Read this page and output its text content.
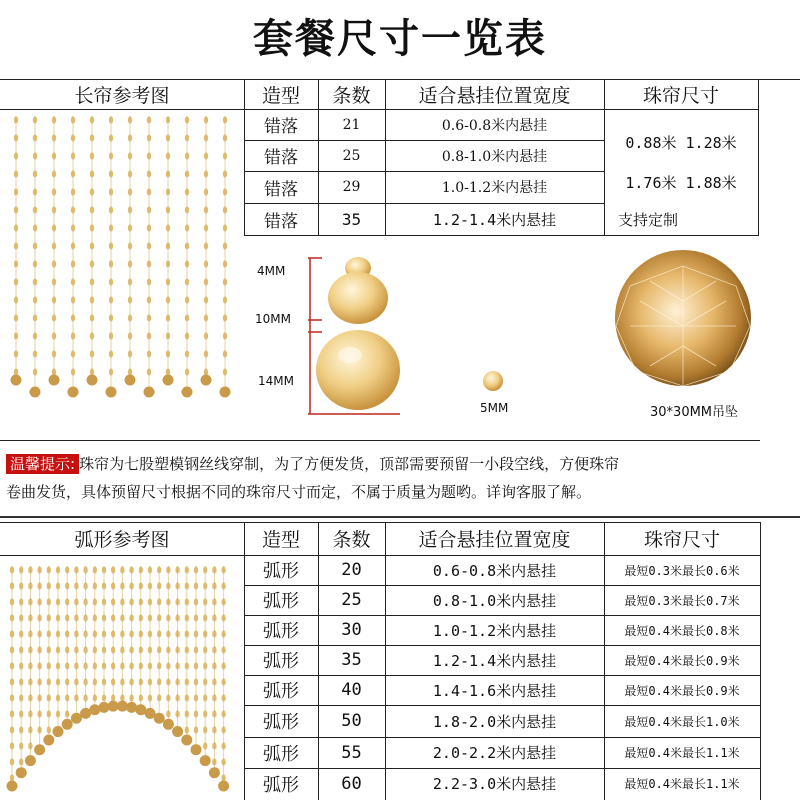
套餐尺寸一览表
长帘参考图	造型	条数	适合悬挂位置宽度	珠帘尺寸
错落	21	0.6-0.8米内悬挂
错落	25	0.8-1.0米内悬挂
错落	29	1.0-1.2米内悬挂
错落	35	1.2-1.4米内悬挂
0.88米 1.28米
1.76米 1.88米
支持定制
4MM
10MM
14MM
5MM	30*30MM吊坠
温馨提示: 珠帘为七股塑模钢丝线穿制，为了方便发货，顶部需要预留一小段空线，方便珠帘
卷曲发货，具体预留尺寸根据不同的珠帘尺寸而定，不属于质量为题哟。详询客服了解。
弧形参考图	造型	条数	适合悬挂位置宽度	珠帘尺寸
弧形	20	0.6-0.8米内悬挂	最短0.3米最长0.6米
弧形	25	0.8-1.0米内悬挂	最短0.3米最长0.7米
弧形	30	1.0-1.2米内悬挂	最短0.4米最长0.8米
弧形	35	1.2-1.4米内悬挂	最短0.4米最长0.9米
弧形	40	1.4-1.6米内悬挂	最短0.4米最长0.9米
弧形	50	1.8-2.0米内悬挂	最短0.4米最长1.0米
弧形	55	2.0-2.2米内悬挂	最短0.4米最长1.1米
弧形	60	2.2-3.0米内悬挂	最短0.4米最长1.1米
